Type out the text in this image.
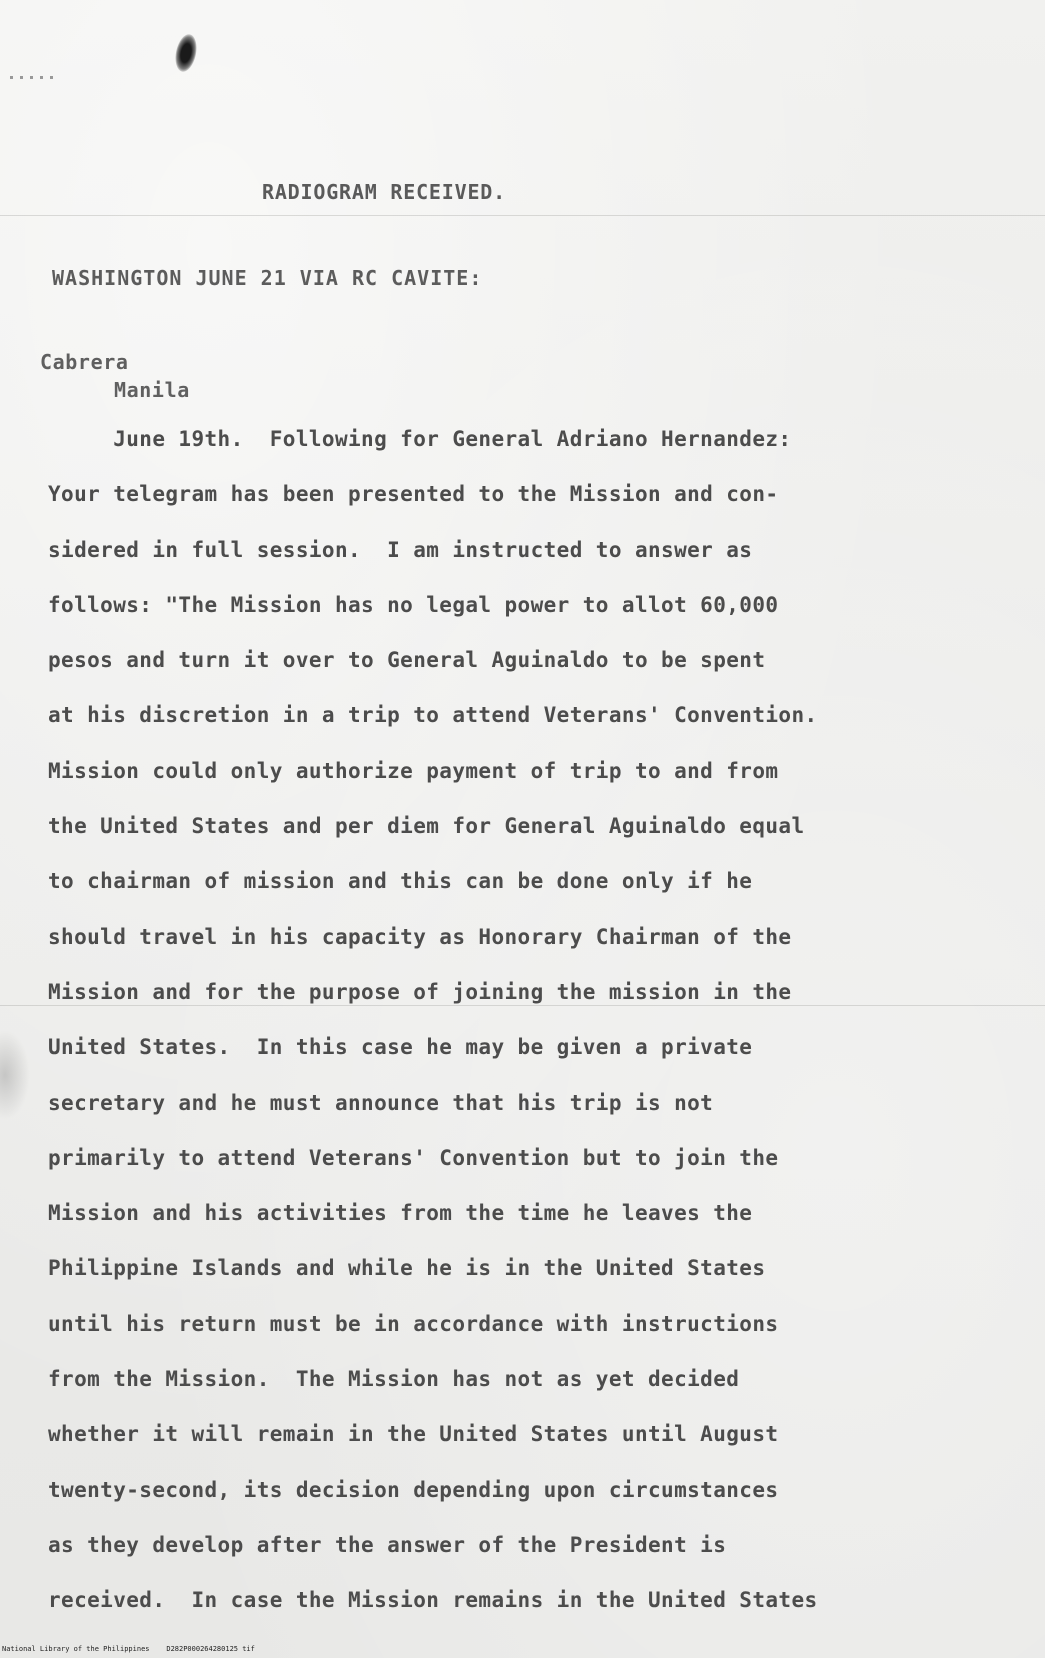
RADIOGRAM RECEIVED.
WASHINGTON JUNE 21 VIA RC CAVITE:
Cabrera
Manila
June 19th.  Following for General Adriano Hernandez:
Your telegram has been presented to the Mission and con-
sidered in full session.  I am instructed to answer as
follows: "The Mission has no legal power to allot 60,000
pesos and turn it over to General Aguinaldo to be spent
at his discretion in a trip to attend Veterans' Convention.
Mission could only authorize payment of trip to and from
the United States and per diem for General Aguinaldo equal
to chairman of mission and this can be done only if he
should travel in his capacity as Honorary Chairman of the
Mission and for the purpose of joining the mission in the
United States.  In this case he may be given a private
secretary and he must announce that his trip is not
primarily to attend Veterans' Convention but to join the
Mission and his activities from the time he leaves the
Philippine Islands and while he is in the United States
until his return must be in accordance with instructions
from the Mission.  The Mission has not as yet decided
whether it will remain in the United States until August
twenty-second, its decision depending upon circumstances
as they develop after the answer of the President is
received.  In case the Mission remains in the United States
National Library of the Philippines    D282P000264280125 tif
